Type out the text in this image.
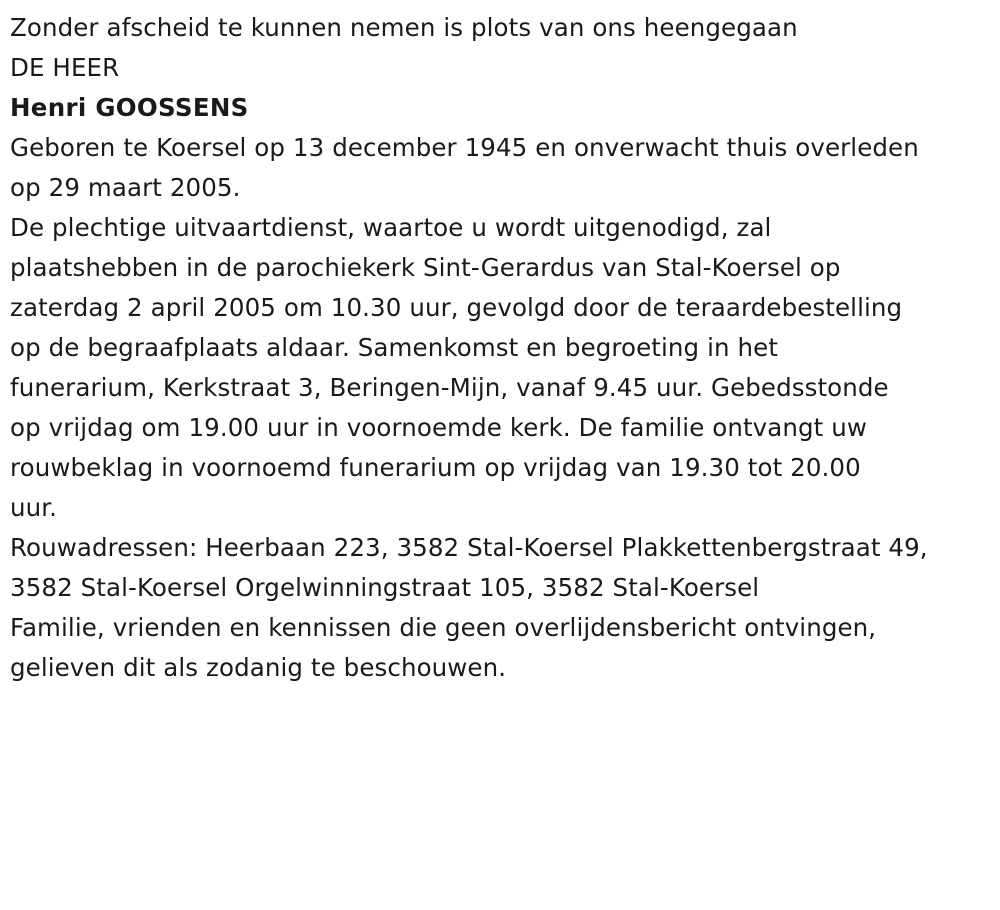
Zonder afscheid te kunnen nemen is plots van ons heengegaan
DE HEER
Henri GOOSSENS
Geboren te Koersel op 13 december 1945 en onverwacht thuis overleden
op 29 maart 2005.
De plechtige uitvaartdienst, waartoe u wordt uitgenodigd, zal
plaatshebben in de parochiekerk Sint-Gerardus van Stal-Koersel op
zaterdag 2 april 2005 om 10.30 uur, gevolgd door de teraardebestelling
op de begraafplaats aldaar. Samenkomst en begroeting in het
funerarium, Kerkstraat 3, Beringen-Mijn, vanaf 9.45 uur. Gebedsstonde
op vrijdag om 19.00 uur in voornoemde kerk. De familie ontvangt uw
rouwbeklag in voornoemd funerarium op vrijdag van 19.30 tot 20.00
uur.
Rouwadressen: Heerbaan 223, 3582 Stal-Koersel Plakkettenbergstraat 49,
3582 Stal-Koersel Orgelwinningstraat 105, 3582 Stal-Koersel
Familie, vrienden en kennissen die geen overlijdensbericht ontvingen,
gelieven dit als zodanig te beschouwen.
